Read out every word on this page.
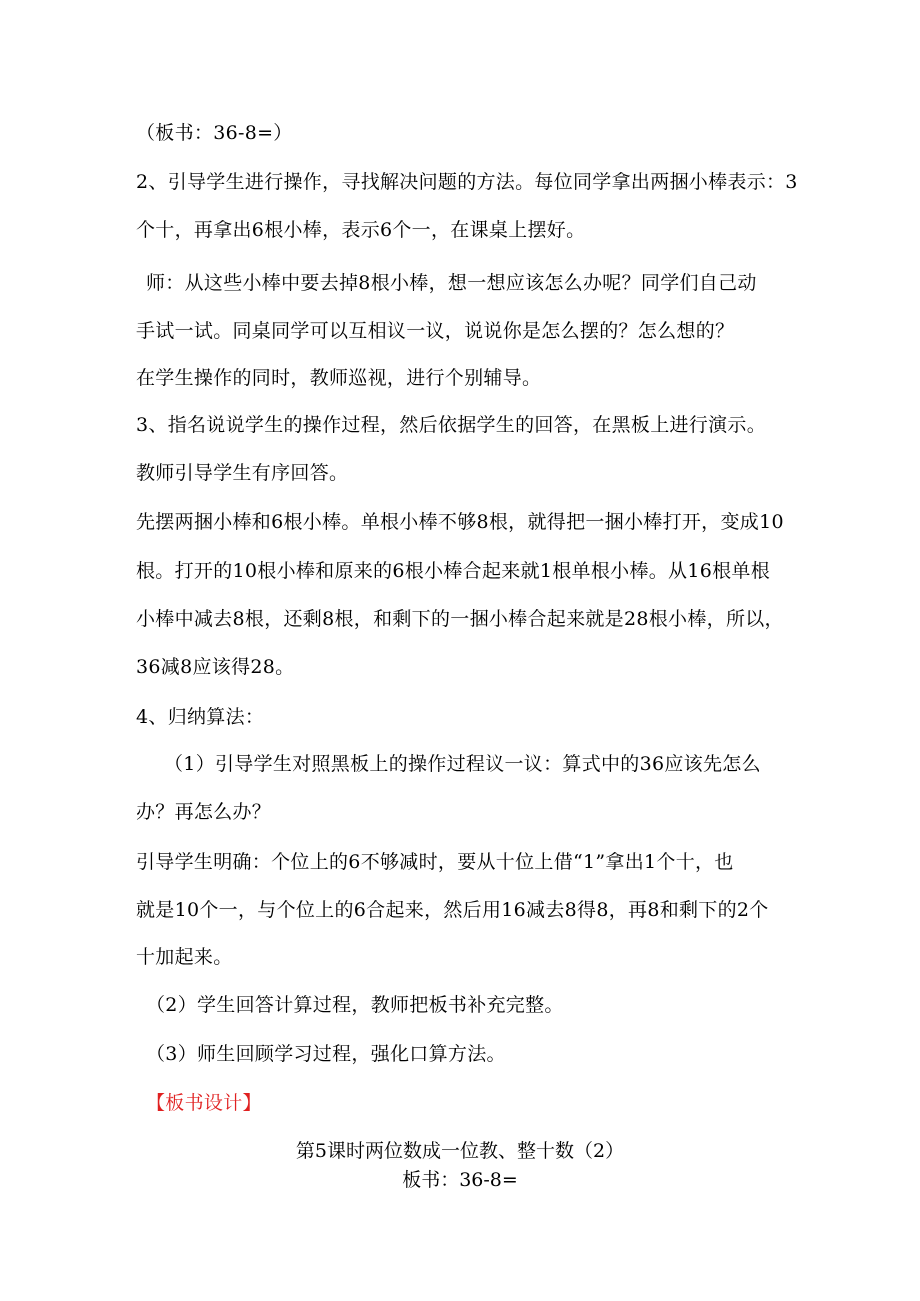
（板书：36-8=）
2、引导学生进行操作，寻找解决问题的方法。每位同学拿出两捆小棒表示：3
个十，再拿出6根小棒，表示6个一，在课桌上摆好。
师：从这些小棒中要去掉8根小棒，想一想应该怎么办呢？同学们自己动
手试一试。同桌同学可以互相议一议，说说你是怎么摆的？怎么想的？
在学生操作的同时，教师巡视，进行个别辅导。
3、指名说说学生的操作过程，然后依据学生的回答，在黑板上进行演示。
教师引导学生有序回答。
先摆两捆小棒和6根小棒。单根小棒不够8根，就得把一捆小棒打开，变成10
根。打开的10根小棒和原来的6根小棒合起来就1根单根小棒。从16根单根
小棒中减去8根，还剩8根，和剩下的一捆小棒合起来就是28根小棒，所以，
36减8应该得28。
4、归纳算法：
（1）引导学生对照黑板上的操作过程议一议：算式中的36应该先怎么
办？再怎么办？
引导学生明确：个位上的6不够减时，要从十位上借“1”拿出1个十，也
就是10个一，与个位上的6合起来，然后用16减去8得8，再8和剩下的2个
十加起来。
（2）学生回答计算过程，教师把板书补充完整。
（3）师生回顾学习过程，强化口算方法。
【板书设计】
第5课时两位数成一位教、整十数（2）
板书：36-8=
